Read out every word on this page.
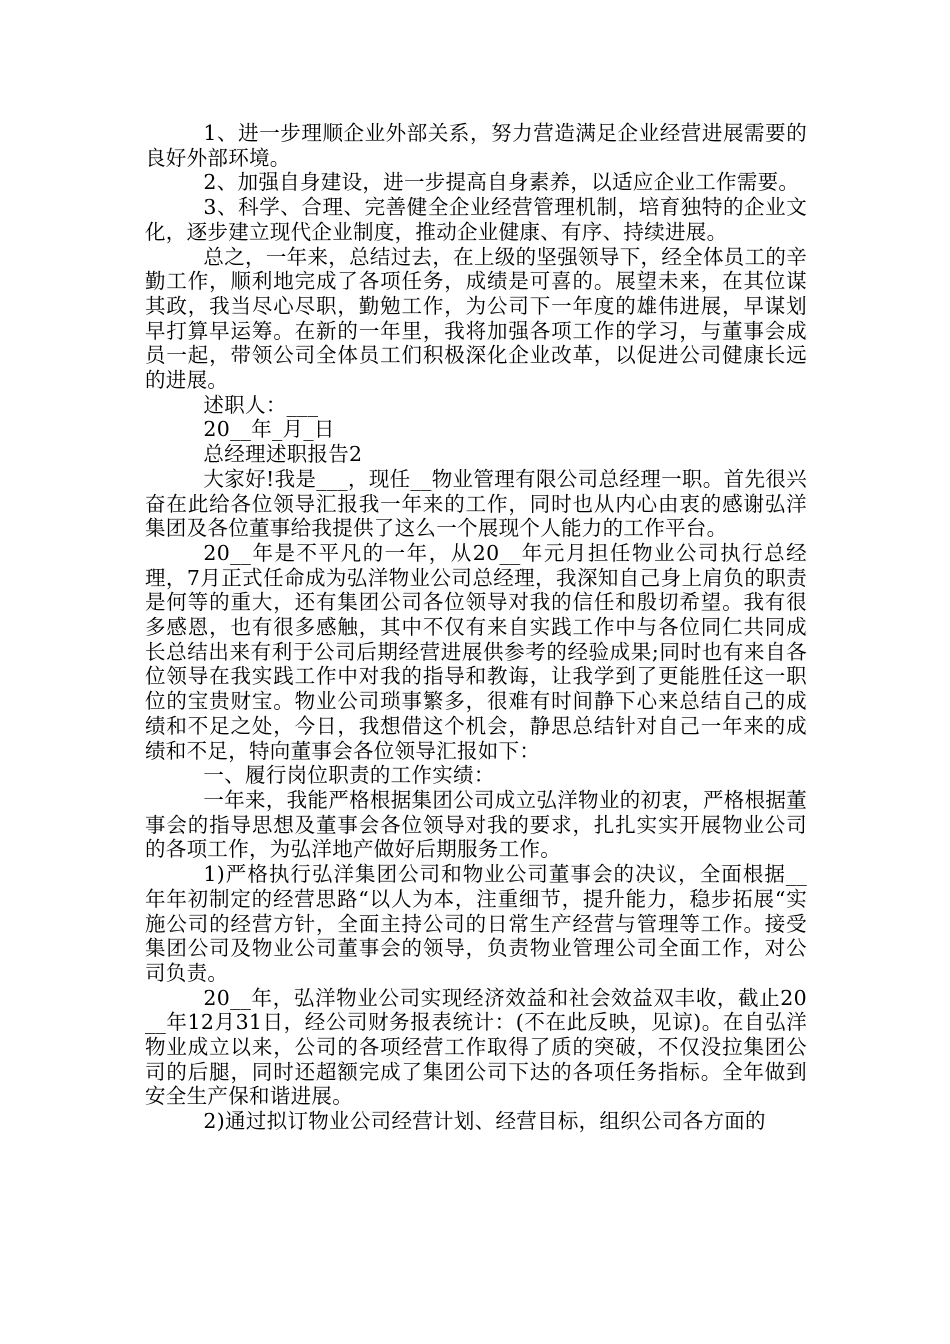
1、进一步理顺企业外部关系，努力营造满足企业经营进展需要的良好外部环境。

2、加强自身建设，进一步提高自身素养，以适应企业工作需要。

3、科学、合理、完善健全企业经营管理机制，培育独特的企业文化，逐步建立现代企业制度，推动企业健康、有序、持续进展。

总之，一年来，总结过去，在上级的坚强领导下，经全体员工的辛勤工作，顺利地完成了各项任务，成绩是可喜的。展望未来，在其位谋其政，我当尽心尽职，勤勉工作，为公司下一年度的雄伟进展，早谋划早打算早运筹。在新的一年里，我将加强各项工作的学习，与董事会成员一起，带领公司全体员工们积极深化企业改革，以促进公司健康长远的进展。

述职人：___

20__年_月_日

总经理述职报告2

大家好!我是___，现任__物业管理有限公司总经理一职。首先很兴奋在此给各位领导汇报我一年来的工作，同时也从内心由衷的感谢弘洋集团及各位董事给我提供了这么一个展现个人能力的工作平台。

20__年是不平凡的一年，从20__年元月担任物业公司执行总经理，7月正式任命成为弘洋物业公司总经理，我深知自己身上肩负的职责是何等的重大，还有集团公司各位领导对我的信任和殷切希望。我有很多感恩，也有很多感触，其中不仅有来自实践工作中与各位同仁共同成长总结出来有利于公司后期经营进展供参考的经验成果;同时也有来自各位领导在我实践工作中对我的指导和教诲，让我学到了更能胜任这一职位的宝贵财宝。物业公司琐事繁多，很难有时间静下心来总结自己的成绩和不足之处，今日，我想借这个机会，静思总结针对自己一年来的成绩和不足，特向董事会各位领导汇报如下：

一、履行岗位职责的工作实绩：

一年来，我能严格根据集团公司成立弘洋物业的初衷，严格根据董事会的指导思想及董事会各位领导对我的要求，扎扎实实开展物业公司的各项工作，为弘洋地产做好后期服务工作。

1)严格执行弘洋集团公司和物业公司董事会的决议，全面根据__年年初制定的经营思路“以人为本，注重细节，提升能力，稳步拓展“实施公司的经营方针，全面主持公司的日常生产经营与管理等工作。接受集团公司及物业公司董事会的领导，负责物业管理公司全面工作，对公司负责。

20__年，弘洋物业公司实现经济效益和社会效益双丰收，截止20__年12月31日，经公司财务报表统计：(不在此反映，见谅)。在自弘洋物业成立以来，公司的各项经营工作取得了质的突破，不仅没拉集团公司的后腿，同时还超额完成了集团公司下达的各项任务指标。全年做到安全生产保和谐进展。

2)通过拟订物业公司经营计划、经营目标，组织公司各方面的
